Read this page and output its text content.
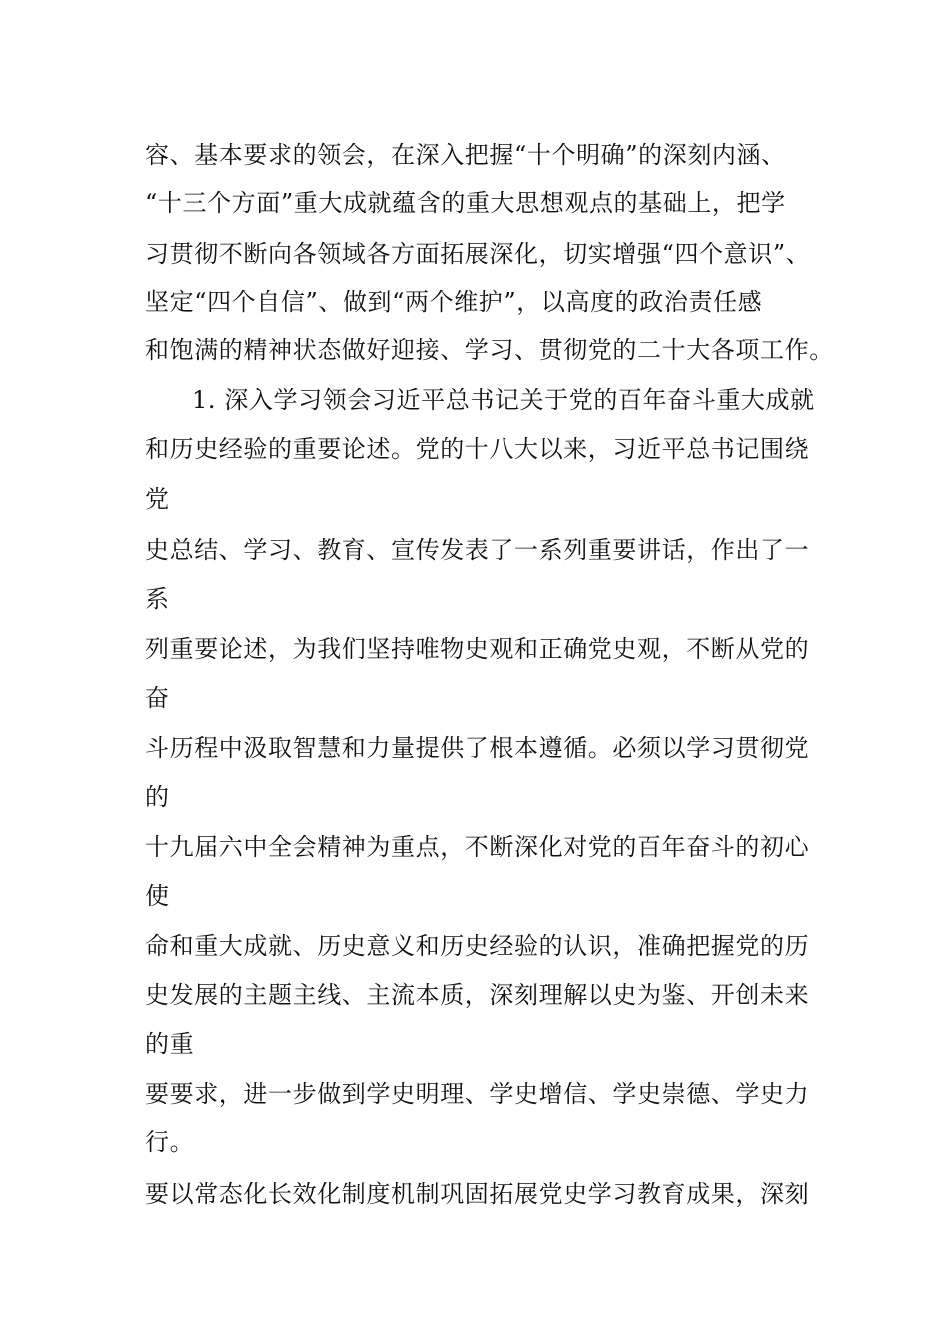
容、基本要求的领会，在深入把握“十个明确”的深刻内涵、

“十三个方面”重大成就蕴含的重大思想观点的基础上，把学

习贯彻不断向各领域各方面拓展深化，切实增强“四个意识”、

坚定“四个自信”、做到“两个维护”，以高度的政治责任感

和饱满的精神状态做好迎接、学习、贯彻党的二十大各项工作。

1. 深入学习领会习近平总书记关于党的百年奋斗重大成就

和历史经验的重要论述。党的十八大以来，习近平总书记围绕

党

史总结、学习、教育、宣传发表了一系列重要讲话，作出了一

系

列重要论述，为我们坚持唯物史观和正确党史观，不断从党的

奋

斗历程中汲取智慧和力量提供了根本遵循。必须以学习贯彻党

的

十九届六中全会精神为重点，不断深化对党的百年奋斗的初心

使

命和重大成就、历史意义和历史经验的认识，准确把握党的历

史发展的主题主线、主流本质，深刻理解以史为鉴、开创未来

的重

要要求，进一步做到学史明理、学史增信、学史崇德、学史力

行。

要以常态化长效化制度机制巩固拓展党史学习教育成果，深刻
